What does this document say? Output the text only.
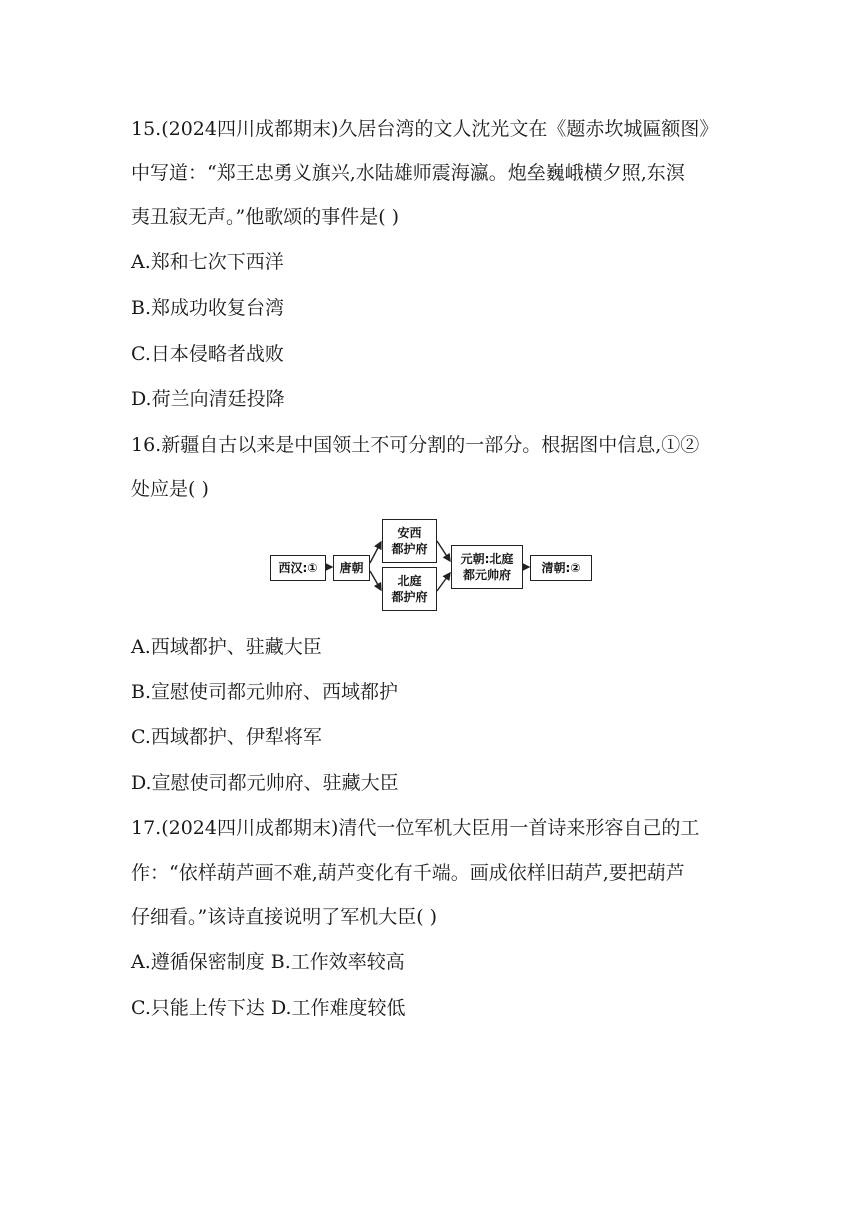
15.(2024四川成都期末)久居台湾的文人沈光文在《题赤坎城匾额图》
中写道：“郑王忠勇义旗兴,水陆雄师震海瀛。炮垒巍峨横夕照,东溟
夷丑寂无声。”他歌颂的事件是( )
A.郑和七次下西洋
B.郑成功收复台湾
C.日本侵略者战败
D.荷兰向清廷投降
16.新疆自古以来是中国领土不可分割的一部分。根据图中信息,①②
处应是( )
西汉:① 唐朝
安西
都护府
北庭
都护府
元朝:北庭
都元帅府	清朝:②
A.西域都护、驻藏大臣
B.宣慰使司都元帅府、西域都护
C.西域都护、伊犁将军
D.宣慰使司都元帅府、驻藏大臣
17.(2024四川成都期末)清代一位军机大臣用一首诗来形容自己的工
作：“依样葫芦画不难,葫芦变化有千端。画成依样旧葫芦,要把葫芦
仔细看。”该诗直接说明了军机大臣( )
A.遵循保密制度 B.工作效率较高
C.只能上传下达 D.工作难度较低
